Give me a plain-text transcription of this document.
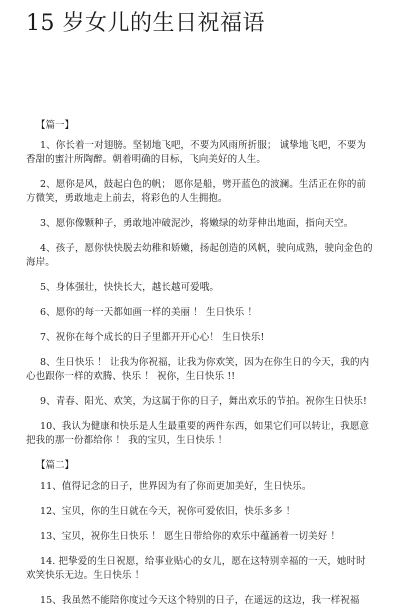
15 岁女儿的生日祝福语

【篇一】

1、你长着一对翅膀。坚韧地飞吧，不要为风雨所折服； 诚挚地飞吧，不要为香甜的蜜汁所陶醉。朝着明确的目标，飞向美好的人生。

2、愿你是风，鼓起白色的帆； 愿你是船，劈开蓝色的波澜。生活正在你的前方微笑，勇敢地走上前去，将彩色的人生拥抱。

3、愿你像颗种子，勇敢地冲破泥沙，将嫩绿的幼芽伸出地面，指向天空。

4、孩子，愿你快快脱去幼稚和娇嫩，扬起创造的风帆，驶向成熟，驶向金色的海岸。

5、身体强壮，快快长大，越长越可爱哦。

6、愿你的每一天都如画一样的美丽 ！ 生日快乐 ！

7、祝你在每个成长的日子里都开开心心！ 生日快乐!

8、生日快乐 ！ 让我为你祝福，让我为你欢笑，因为在你生日的今天，我的内心也跟你一样的欢腾、快乐 ！ 祝你，生日快乐 !!

9、青春、阳光、欢笑，为这属于你的日子，舞出欢乐的节拍。祝你生日快乐!

10、我认为健康和快乐是人生最重要的两件东西，如果它们可以转让，我愿意把我的那一份都给你 ！ 我的宝贝，生日快乐 ！

【篇二】

11、值得记念的日子，世界因为有了你而更加美好，生日快乐。

12、宝贝，你的生日就在今天，祝你可爱依旧，快乐多多 ！

13、宝贝，祝你生日快乐 ！ 愿生日带给你的欢乐中蕴涵着一切美好 ！

14. 把挚爱的生日祝愿，给事业贴心的女儿，愿在这特别幸福的一天，她时时欢笑快乐无边。生日快乐 ！

15、我虽然不能陪你度过今天这个特别的日子，在遥远的这边，我一样祝福
